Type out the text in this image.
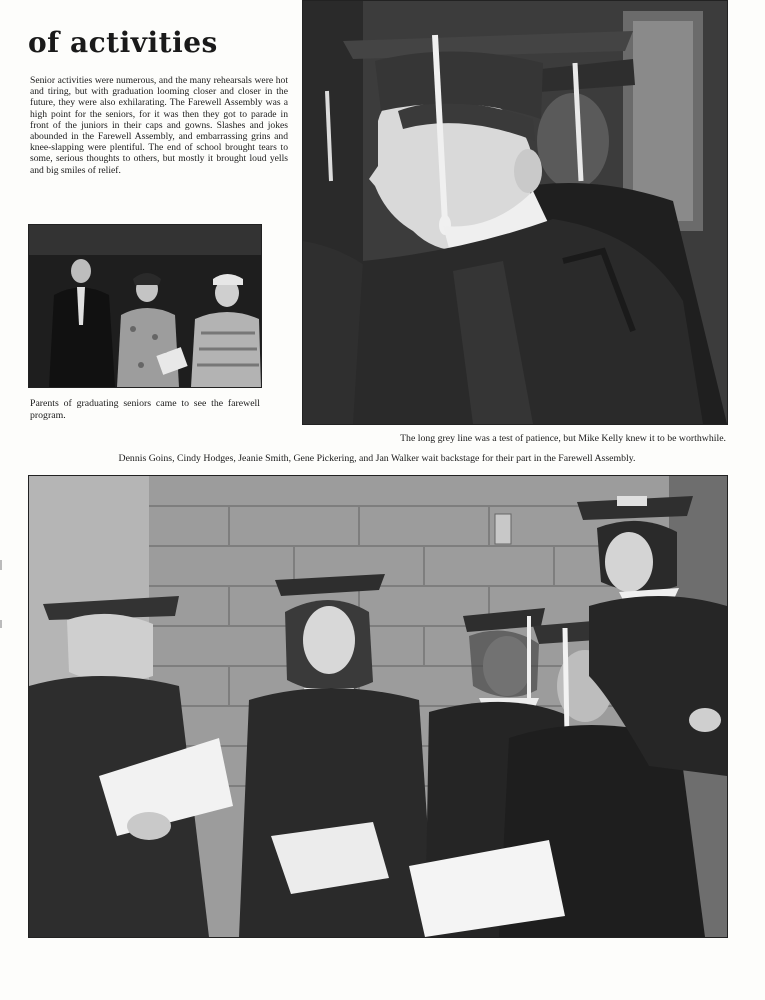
of activities
Senior activities were numerous, and the many rehearsals were hot and tiring, but with graduation looming closer and closer in the future, they were also exhilarating. The Farewell Assembly was a high point for the seniors, for it was then they got to parade in front of the juniors in their caps and gowns. Slashes and jokes abounded in the Farewell Assembly, and embarrassing grins and knee-slapping were plentiful. The end of school brought tears to some, serious thoughts to others, but mostly it brought loud yells and big smiles of relief.
Parents of graduating seniors came to see the farewell program.
The long grey line was a test of patience, but Mike Kelly knew it to be worthwhile.
Dennis Goins, Cindy Hodges, Jeanie Smith, Gene Pickering, and Jan Walker wait backstage for their part in the Farewell Assembly.
